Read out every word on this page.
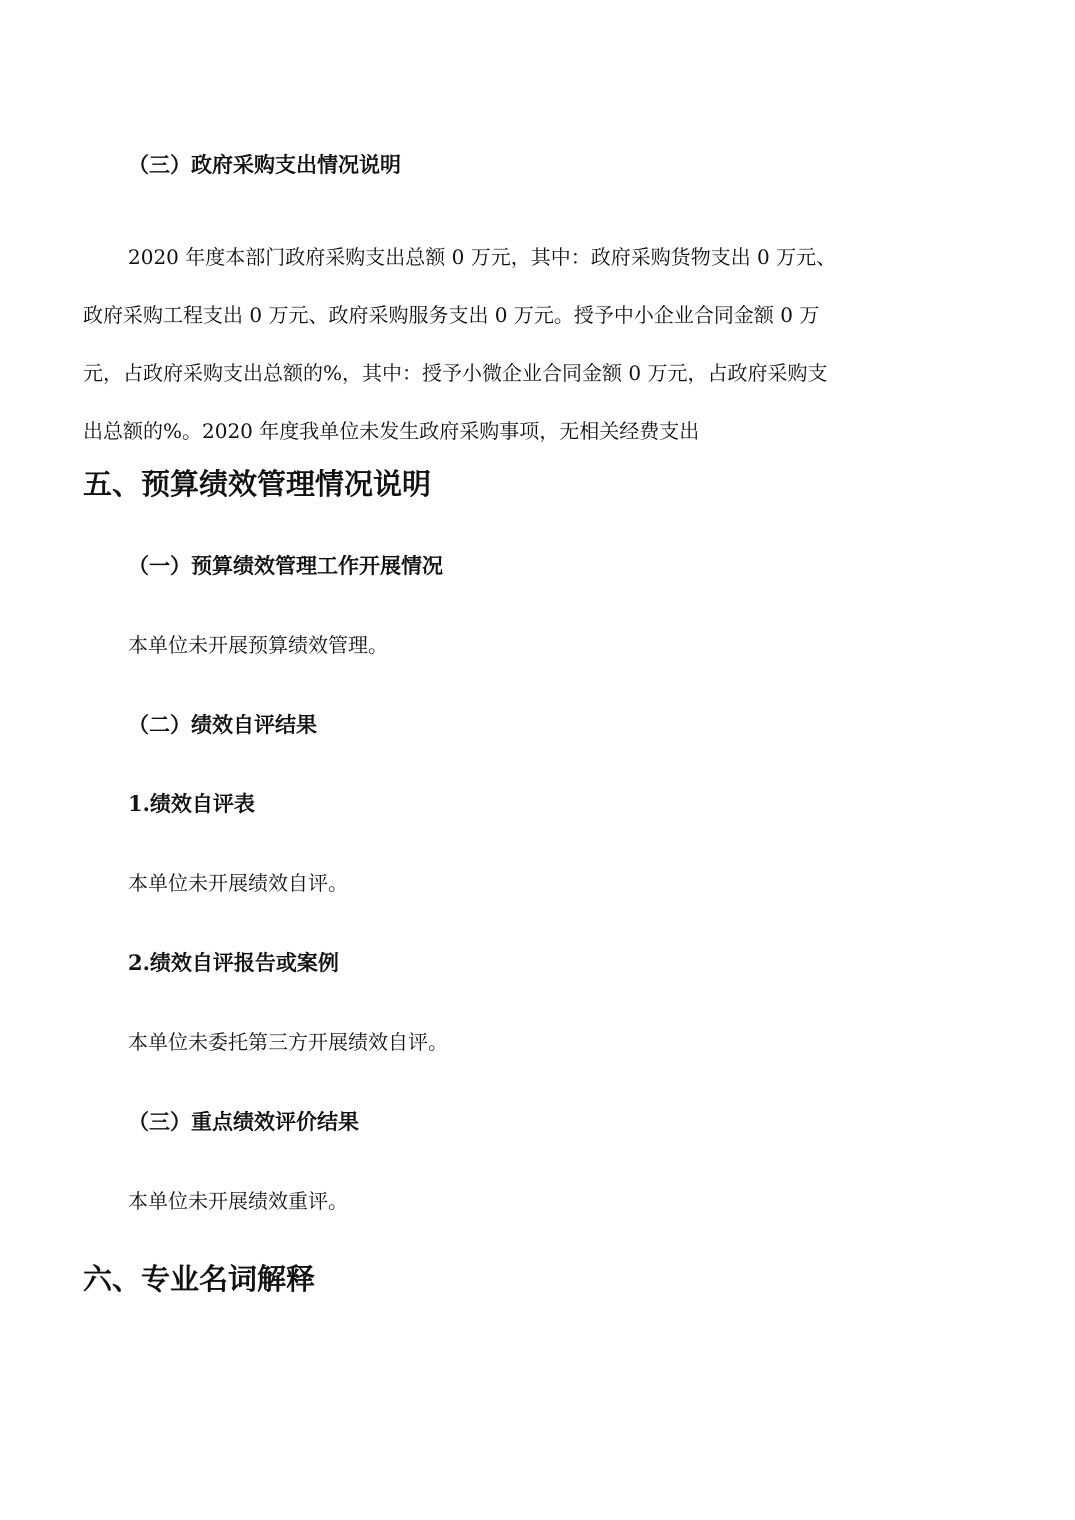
（三）政府采购支出情况说明

2020 年度本部门政府采购支出总额 0 万元，其中：政府采购货物支出 0 万元、
政府采购工程支出 0 万元、政府采购服务支出 0 万元。授予中小企业合同金额 0 万
元，占政府采购支出总额的%，其中：授予小微企业合同金额 0 万元，占政府采购支
出总额的%。2020 年度我单位未发生政府采购事项，无相关经费支出

五、预算绩效管理情况说明
（一）预算绩效管理工作开展情况

本单位未开展预算绩效管理。

（二）绩效自评结果
1.绩效自评表

本单位未开展绩效自评。

2.绩效自评报告或案例

本单位未委托第三方开展绩效自评。

（三）重点绩效评价结果

本单位未开展绩效重评。

六、专业名词解释
